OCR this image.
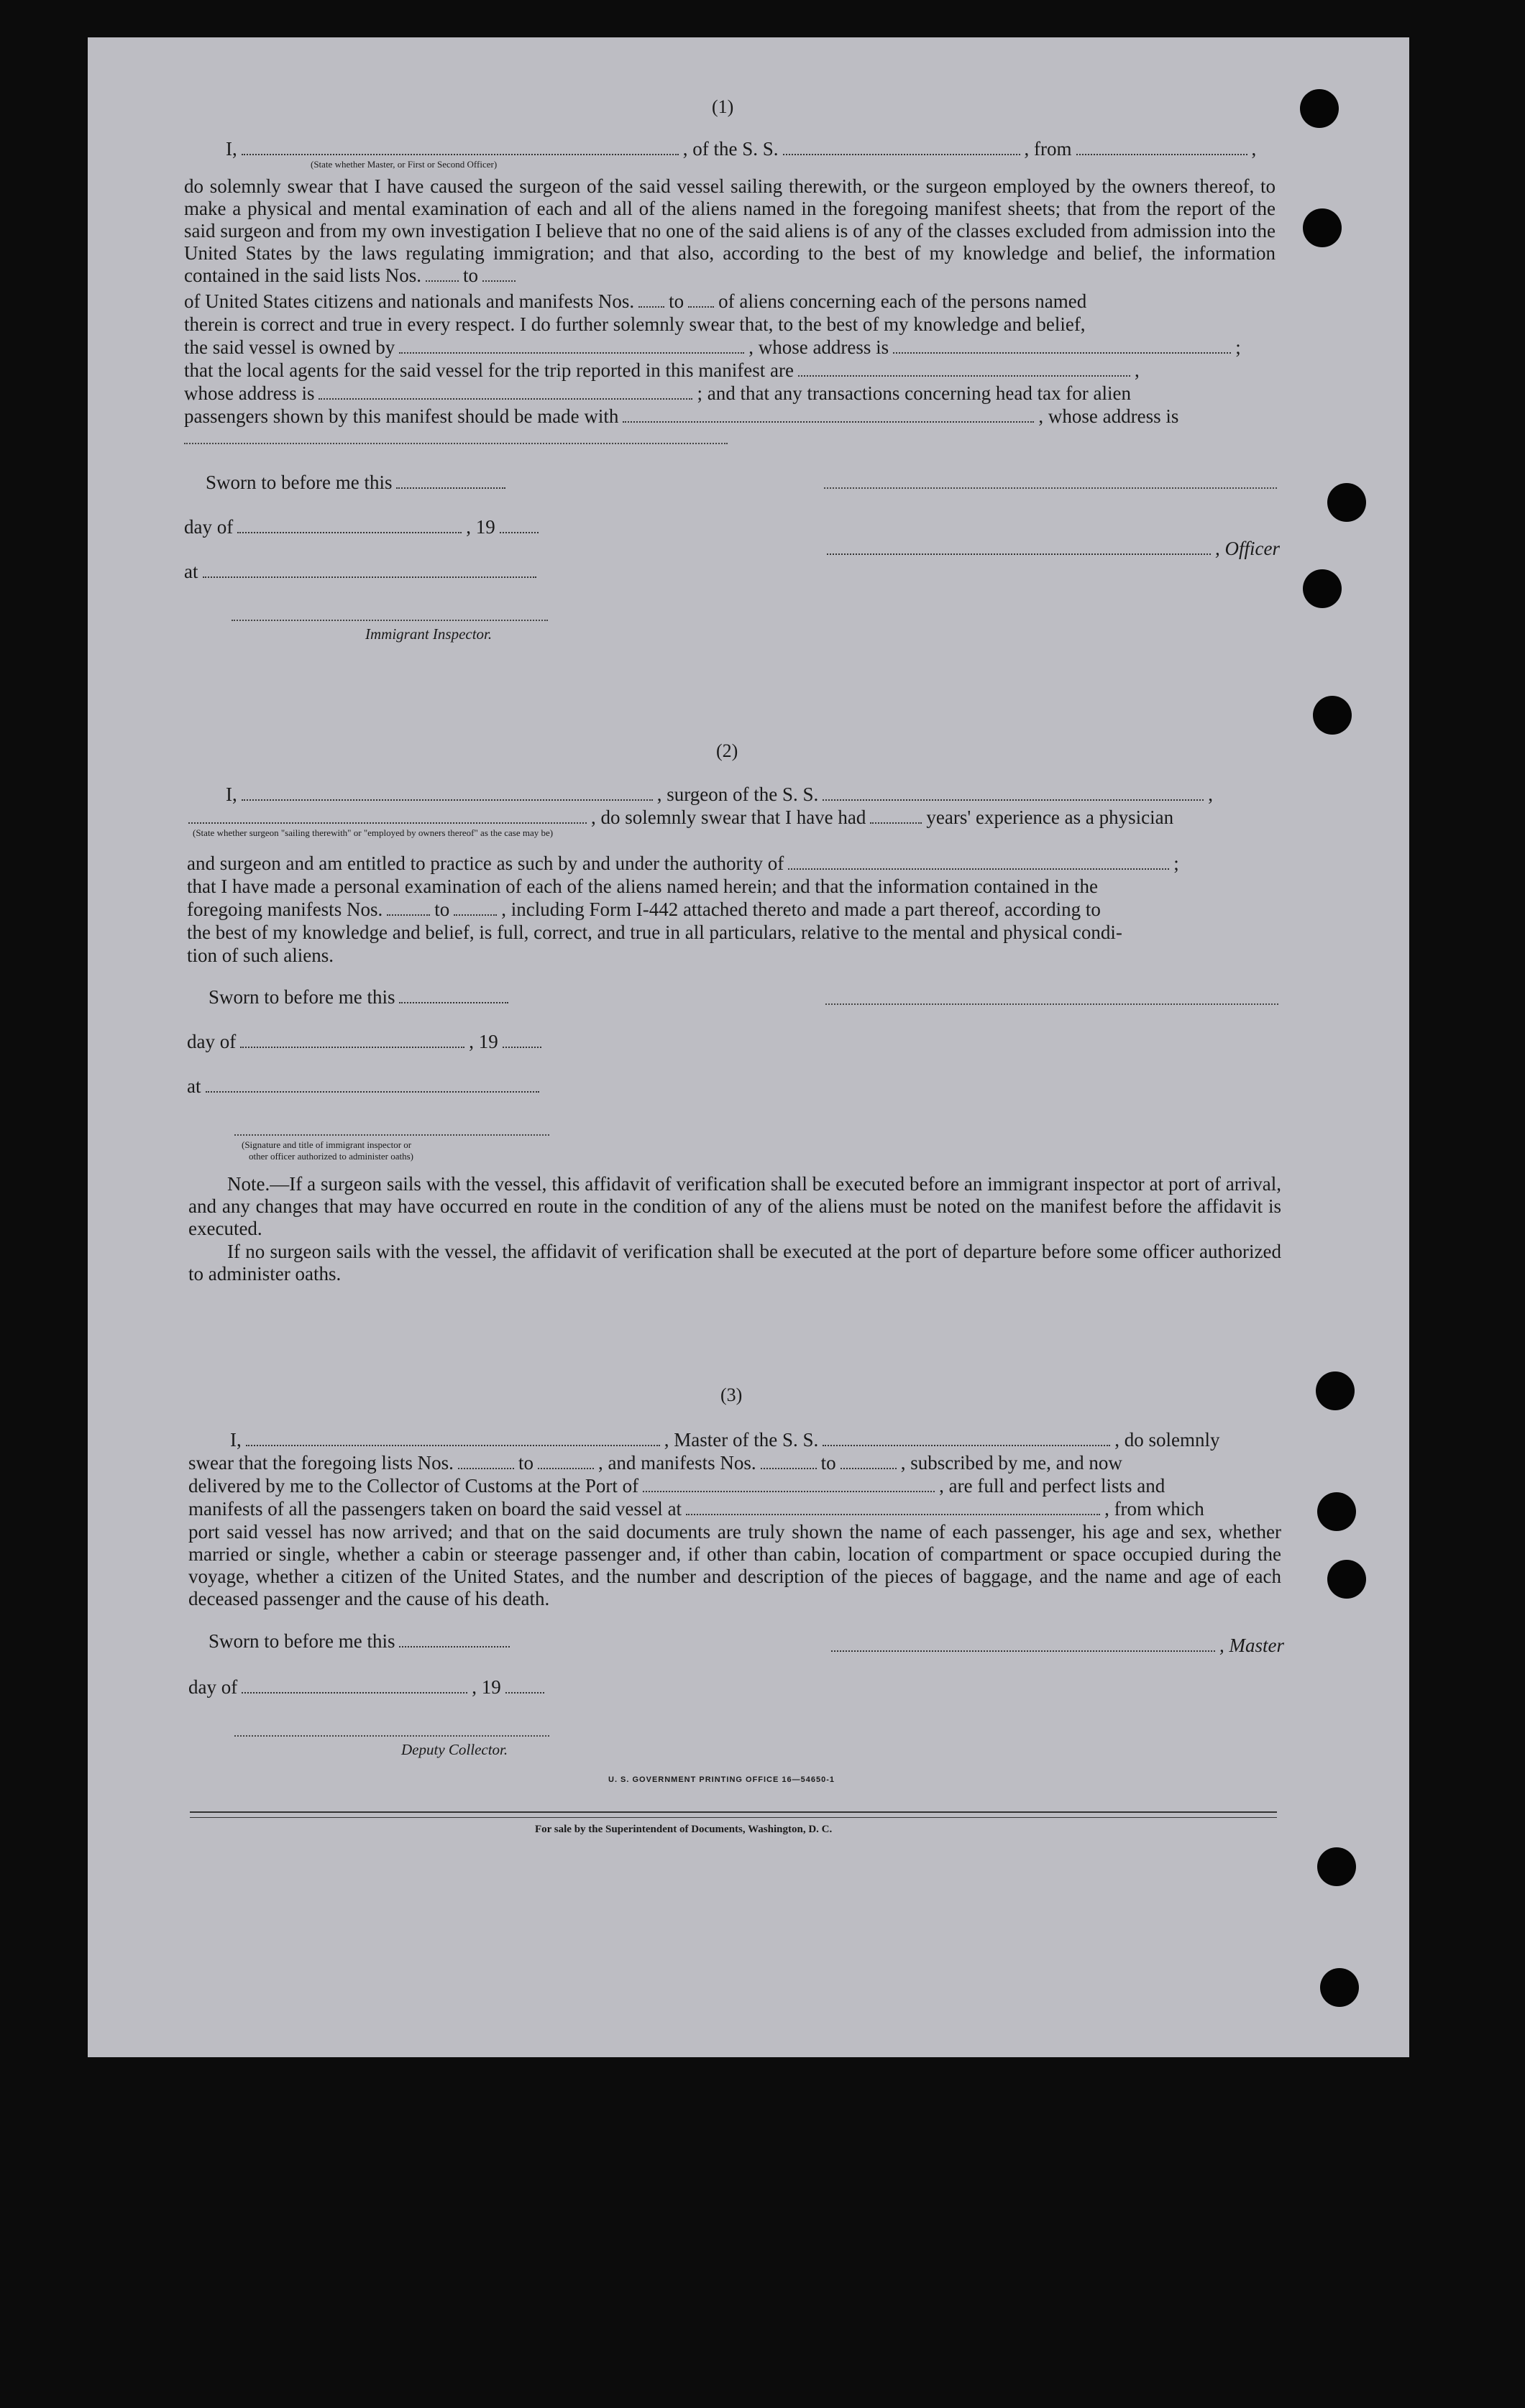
(1)
I,	, of the S. S.	, from	,
(State whether Master, or First or Second Officer)
do solemnly swear that I have caused the surgeon of the said vessel sailing therewith, or the surgeon employed by the owners thereof, to make a physical and mental examination of each and all of the aliens named in the foregoing manifest sheets; that from the report of the said surgeon and from my own investigation I believe that no one of the said aliens is of any of the classes excluded from admission into the United States by the laws regulating immigration; and that also, according to the best of my knowledge and belief, the information contained in the said lists Nos. to
of United States citizens and nationals and manifests Nos. to of aliens concerning each of the persons named
therein is correct and true in every respect. I do further solemnly swear that, to the best of my knowledge and belief,
the said vessel is owned by	, whose address is	;
that the local agents for the said vessel for the trip reported in this manifest are	,
whose address is	; and that any transactions concerning head tax for alien
passengers shown by this manifest should be made with	, whose address is
Sworn to before me this
day of	, 19
, Officer
at
Immigrant Inspector.
(2)
I,	, surgeon of the S. S.	,
, do solemnly swear that I have had	years' experience as a physician
(State whether surgeon "sailing therewith" or "employed by owners thereof" as the case may be)
and surgeon and am entitled to practice as such by and under the authority of	;
that I have made a personal examination of each of the aliens named herein; and that the information contained in the
foregoing manifests Nos.	to	, including Form I-442 attached thereto and made a part thereof, according to
the best of my knowledge and belief, is full, correct, and true in all particulars, relative to the mental and physical condi-
tion of such aliens.
Sworn to before me this
day of	, 19
at
(Signature and title of immigrant inspector or
other officer authorized to administer oaths)
Note.—If a surgeon sails with the vessel, this affidavit of verification shall be executed before an immigrant inspector at port of arrival, and any changes that may have occurred en route in the condition of any of the aliens must be noted on the manifest before the affidavit is executed.
If no surgeon sails with the vessel, the affidavit of verification shall be executed at the port of departure before some officer authorized to administer oaths.
(3)
I,	, Master of the S. S.	, do solemnly
swear that the foregoing lists Nos.	to	, and manifests Nos.	to	, subscribed by me, and now
delivered by me to the Collector of Customs at the Port of	, are full and perfect lists and
manifests of all the passengers taken on board the said vessel at	, from which
port said vessel has now arrived; and that on the said documents are truly shown the name of each passenger, his age and sex, whether married or single, whether a cabin or steerage passenger and, if other than cabin, location of compartment or space occupied during the voyage, whether a citizen of the United States, and the number and description of the pieces of baggage, and the name and age of each deceased passenger and the cause of his death.
Sworn to before me this	, Master
day of	, 19
Deputy Collector.
U. S. GOVERNMENT PRINTING OFFICE 16—54650-1
For sale by the Superintendent of Documents, Washington, D. C.
